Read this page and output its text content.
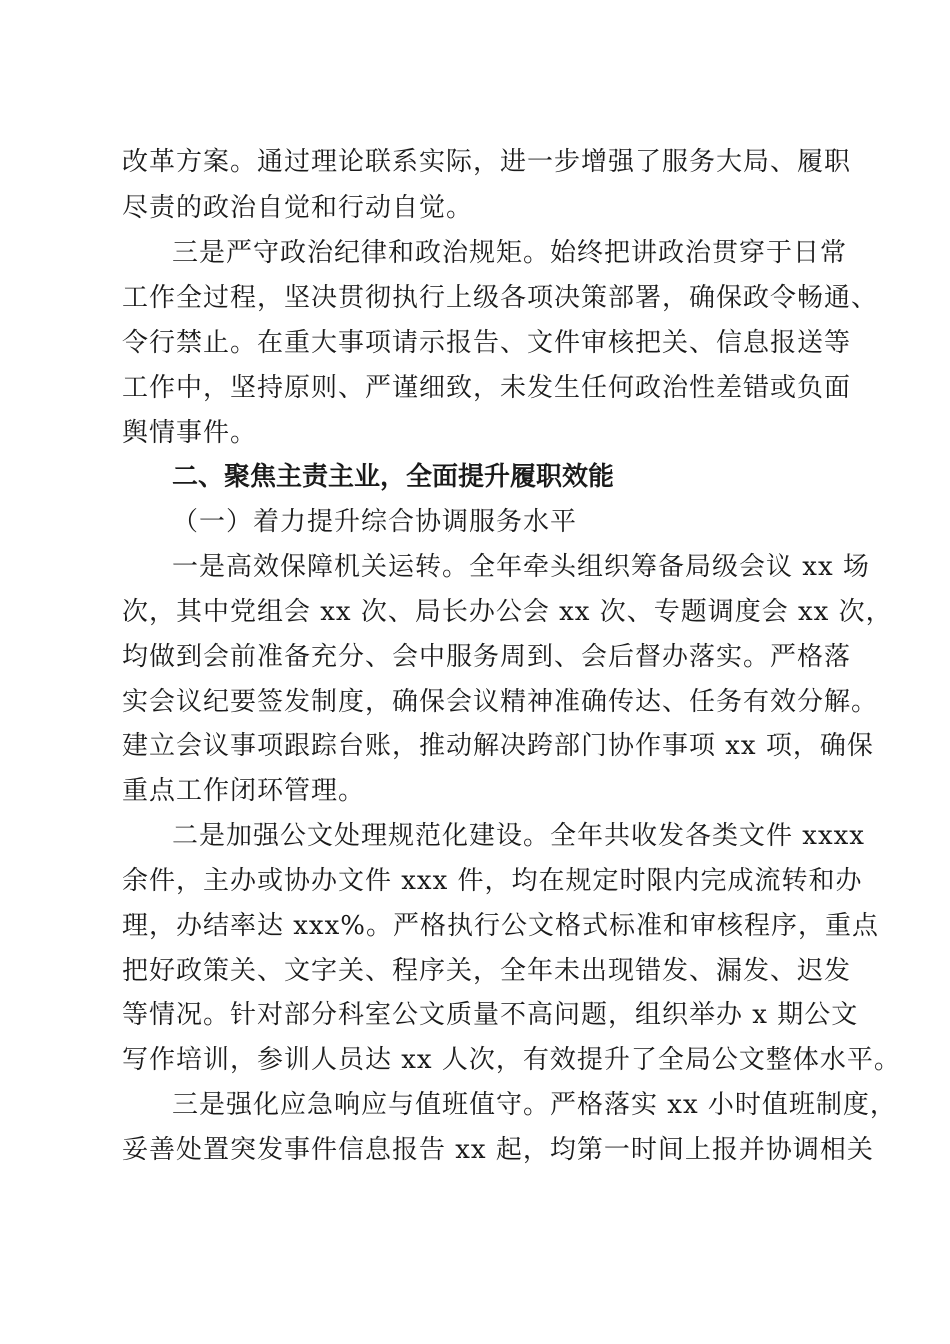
改革方案。通过理论联系实际，进一步增强了服务大局、履职
尽责的政治自觉和行动自觉。
三是严守政治纪律和政治规矩。始终把讲政治贯穿于日常
工作全过程，坚决贯彻执行上级各项决策部署，确保政令畅通、
令行禁止。在重大事项请示报告、文件审核把关、信息报送等
工作中，坚持原则、严谨细致，未发生任何政治性差错或负面
舆情事件。
二、聚焦主责主业，全面提升履职效能
（一）着力提升综合协调服务水平
一是高效保障机关运转。全年牵头组织筹备局级会议 xx 场
次，其中党组会 xx 次、局长办公会 xx 次、专题调度会 xx 次，
均做到会前准备充分、会中服务周到、会后督办落实。严格落
实会议纪要签发制度，确保会议精神准确传达、任务有效分解。
建立会议事项跟踪台账，推动解决跨部门协作事项 xx 项，确保
重点工作闭环管理。
二是加强公文处理规范化建设。全年共收发各类文件 xxxx
余件，主办或协办文件 xxx 件，均在规定时限内完成流转和办
理，办结率达 xxx%。严格执行公文格式标准和审核程序，重点
把好政策关、文字关、程序关，全年未出现错发、漏发、迟发
等情况。针对部分科室公文质量不高问题，组织举办 x 期公文
写作培训，参训人员达 xx 人次，有效提升了全局公文整体水平。
三是强化应急响应与值班值守。严格落实 xx 小时值班制度，
妥善处置突发事件信息报告 xx 起，均第一时间上报并协调相关
